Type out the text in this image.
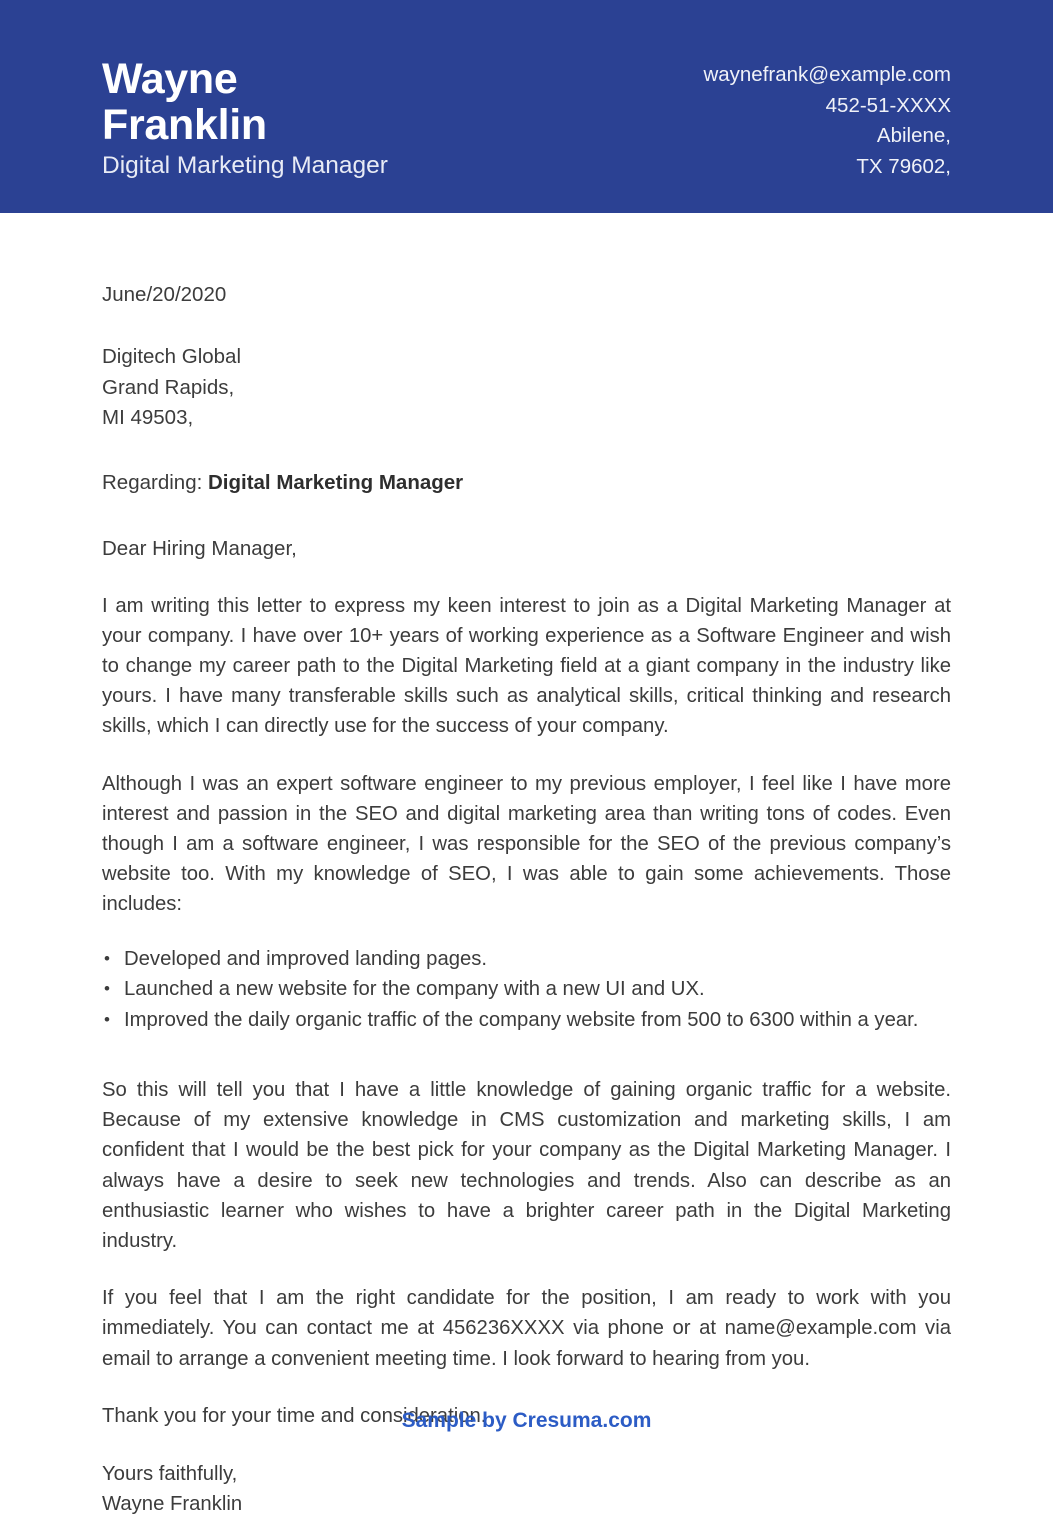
Wayne
Franklin
Digital Marketing Manager
waynefrank@example.com
452-51-XXXX
Abilene,
TX 79602,
June/20/2020
Digitech Global
Grand Rapids,
MI 49503,
Regarding: Digital Marketing Manager
Dear Hiring Manager,

I am writing this letter to express my keen interest to join as a Digital Marketing Manager at your company. I have over 10+ years of working experience as a Software Engineer and wish to change my career path to the Digital Marketing field at a giant company in the industry like yours. I have many transferable skills such as analytical skills, critical thinking and research skills, which I can directly use for the success of your company.

Although I was an expert software engineer to my previous employer, I feel like I have more interest and passion in the SEO and digital marketing area than writing tons of codes. Even though I am a software engineer, I was responsible for the SEO of the previous company’s website too. With my knowledge of SEO, I was able to gain some achievements. Those includes:

• Developed and improved landing pages.
• Launched a new website for the company with a new UI and UX.
• Improved the daily organic traffic of the company website from 500 to 6300 within a year.

So this will tell you that I have a little knowledge of gaining organic traffic for a website. Because of my extensive knowledge in CMS customization and marketing skills, I am confident that I would be the best pick for your company as the Digital Marketing Manager. I always have a desire to seek new technologies and trends. Also can describe as an enthusiastic learner who wishes to have a brighter career path in the Digital Marketing industry.

If you feel that I am the right candidate for the position, I am ready to work with you immediately. You can contact me at 456236XXXX via phone or at name@example.com via email to arrange a convenient meeting time. I look forward to hearing from you.

Thank you for your time and consideration.
Yours faithfully,
Wayne Franklin
Sample by Cresuma.com
